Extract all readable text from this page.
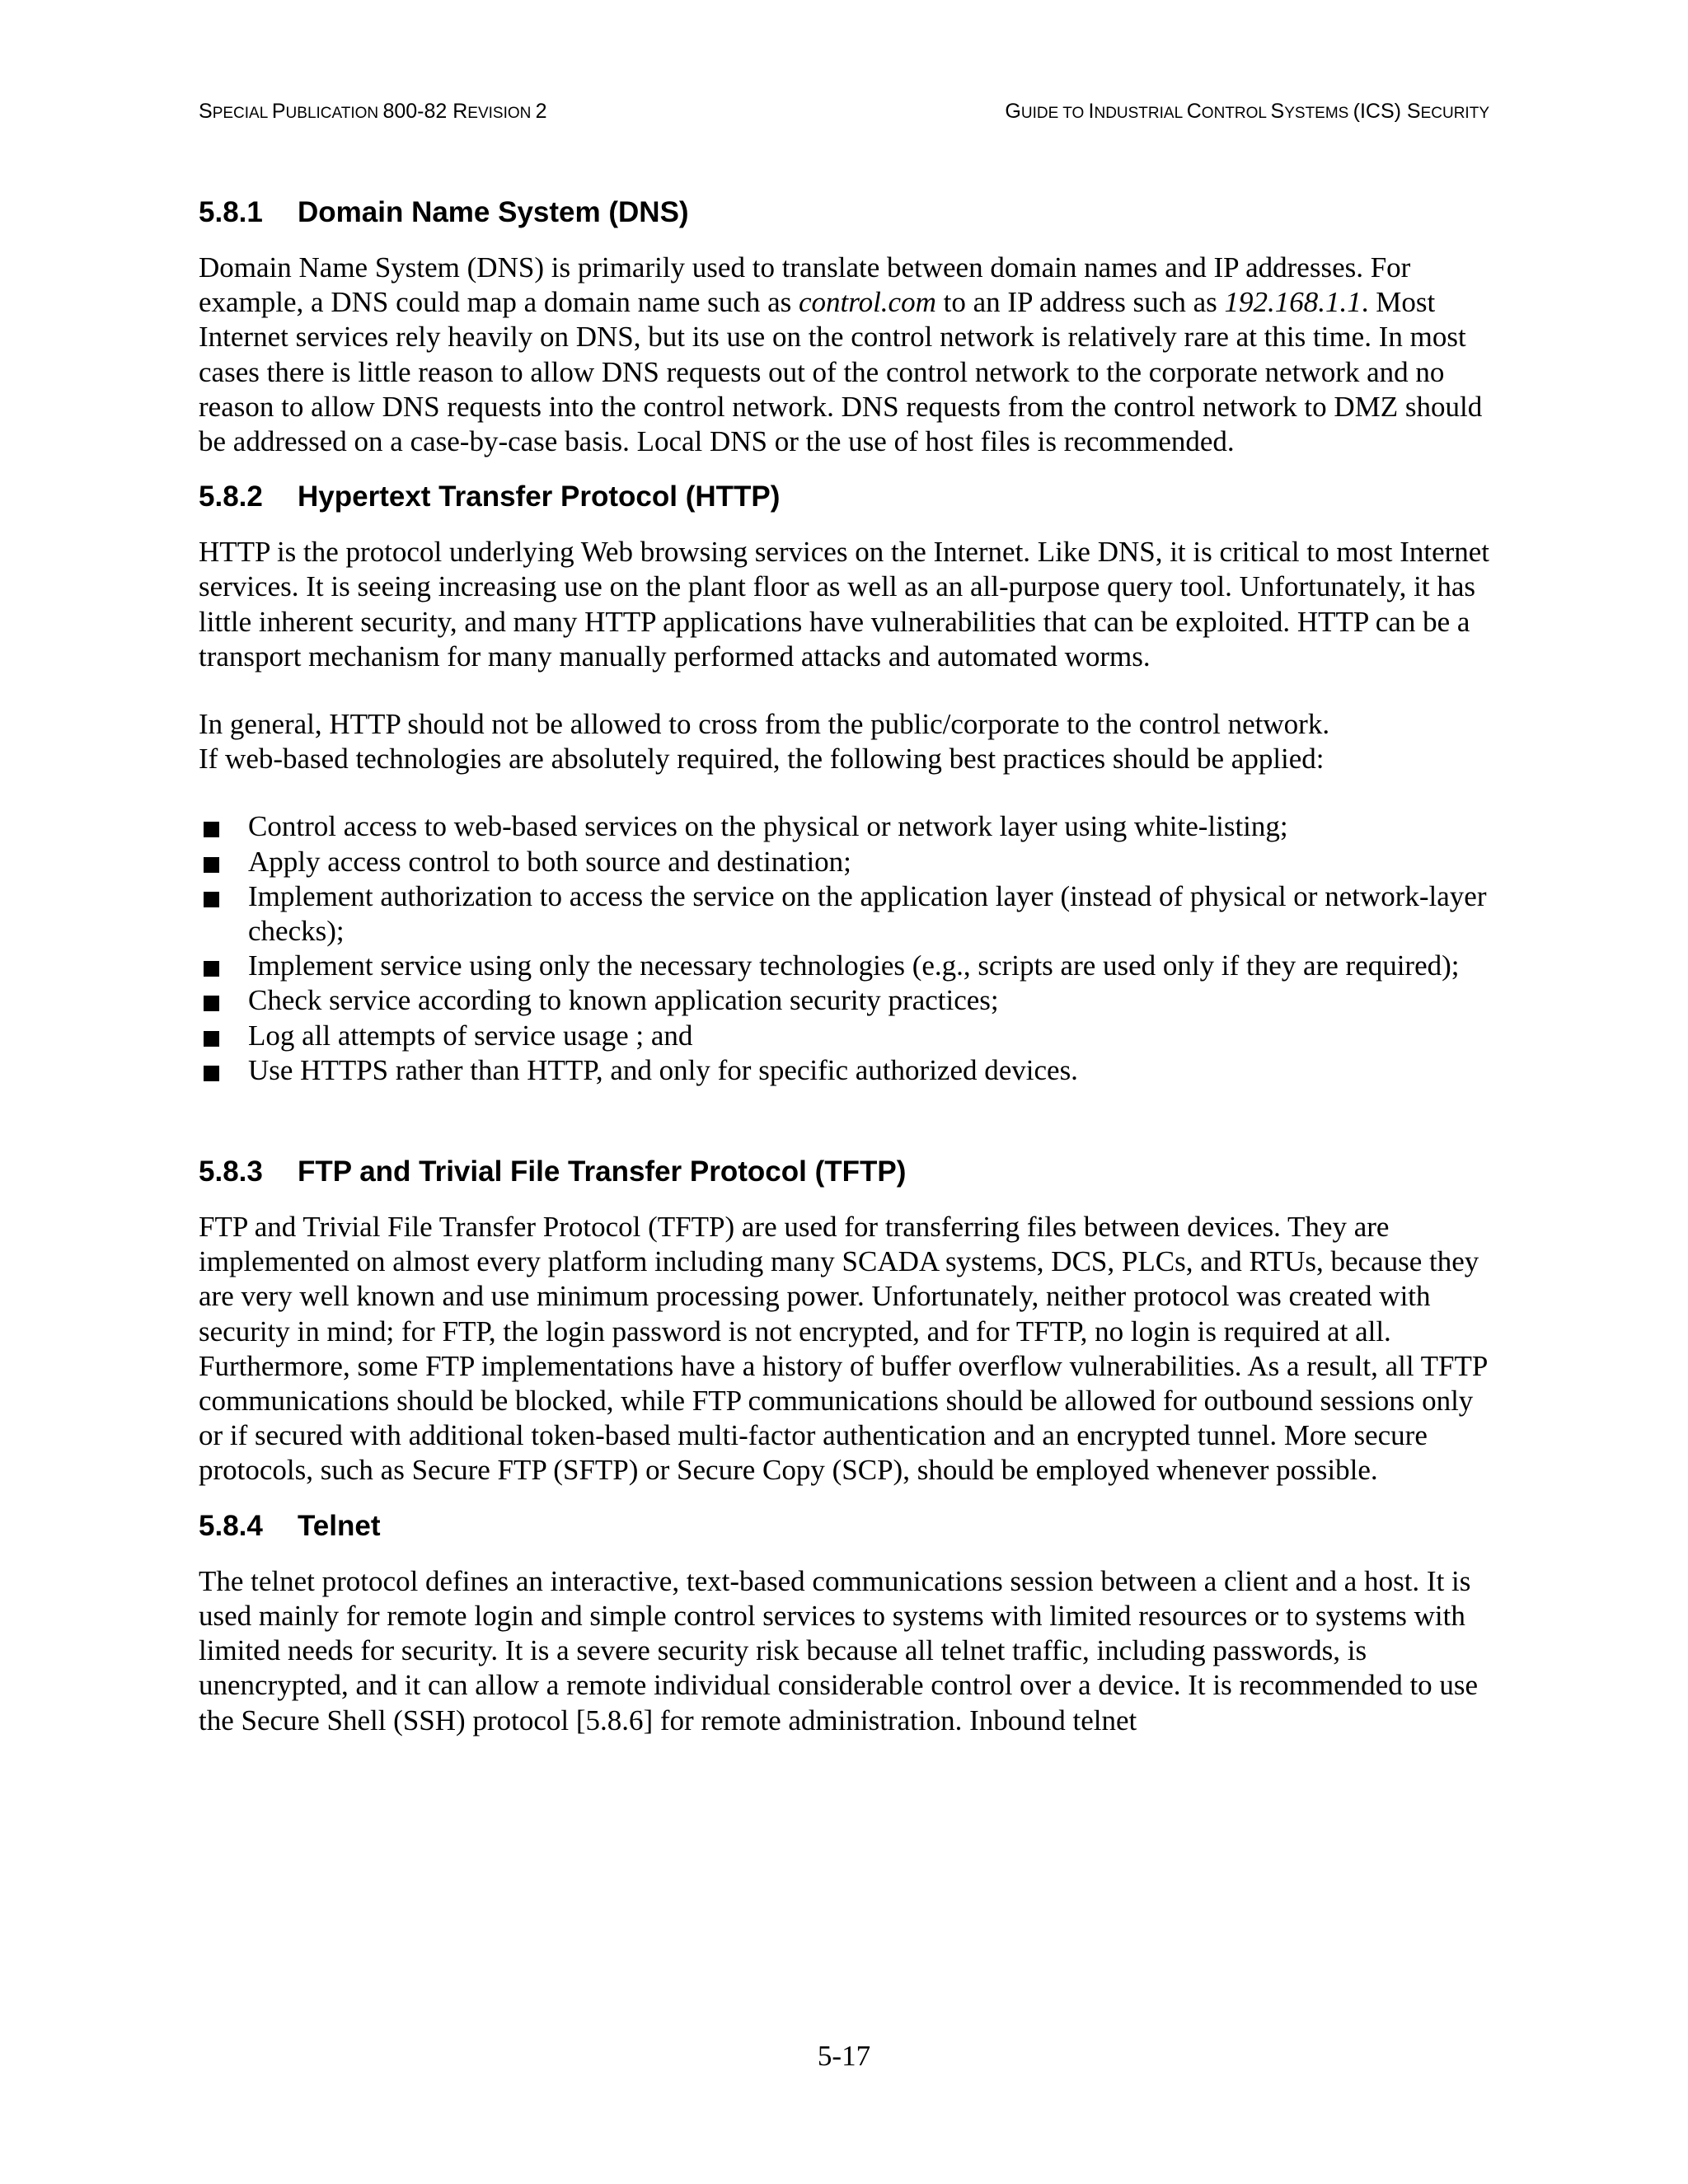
SPECIAL PUBLICATION 800-82 REVISION 2	GUIDE TO INDUSTRIAL CONTROL SYSTEMS (ICS) SECURITY
5.8.1 Domain Name System (DNS)

Domain Name System (DNS) is primarily used to translate between domain names and IP addresses. For example, a DNS could map a domain name such as control.com to an IP address such as 192.168.1.1. Most Internet services rely heavily on DNS, but its use on the control network is relatively rare at this time. In most cases there is little reason to allow DNS requests out of the control network to the corporate network and no reason to allow DNS requests into the control network. DNS requests from the control network to DMZ should be addressed on a case-by-case basis. Local DNS or the use of host files is recommended.

5.8.2 Hypertext Transfer Protocol (HTTP)

HTTP is the protocol underlying Web browsing services on the Internet. Like DNS, it is critical to most Internet services. It is seeing increasing use on the plant floor as well as an all-purpose query tool. Unfortunately, it has little inherent security, and many HTTP applications have vulnerabilities that can be exploited. HTTP can be a transport mechanism for many manually performed attacks and automated worms.

In general, HTTP should not be allowed to cross from the public/corporate to the control network.
If web-based technologies are absolutely required, the following best practices should be applied:

Control access to web-based services on the physical or network layer using white-listing;
Apply access control to both source and destination;
Implement authorization to access the service on the application layer (instead of physical or network-layer checks);
Implement service using only the necessary technologies (e.g., scripts are used only if they are required);
Check service according to known application security practices;
Log all attempts of service usage ; and
Use HTTPS rather than HTTP, and only for specific authorized devices.
5.8.3 FTP and Trivial File Transfer Protocol (TFTP)

FTP and Trivial File Transfer Protocol (TFTP) are used for transferring files between devices. They are implemented on almost every platform including many SCADA systems, DCS, PLCs, and RTUs, because they are very well known and use minimum processing power. Unfortunately, neither protocol was created with security in mind; for FTP, the login password is not encrypted, and for TFTP, no login is required at all. Furthermore, some FTP implementations have a history of buffer overflow vulnerabilities. As a result, all TFTP communications should be blocked, while FTP communications should be allowed for outbound sessions only or if secured with additional token-based multi-factor authentication and an encrypted tunnel. More secure protocols, such as Secure FTP (SFTP) or Secure Copy (SCP), should be employed whenever possible.

5.8.4 Telnet

The telnet protocol defines an interactive, text-based communications session between a client and a host. It is used mainly for remote login and simple control services to systems with limited resources or to systems with limited needs for security. It is a severe security risk because all telnet traffic, including passwords, is unencrypted, and it can allow a remote individual considerable control over a device. It is recommended to use the Secure Shell (SSH) protocol [5.8.6] for remote administration. Inbound telnet

5-17
